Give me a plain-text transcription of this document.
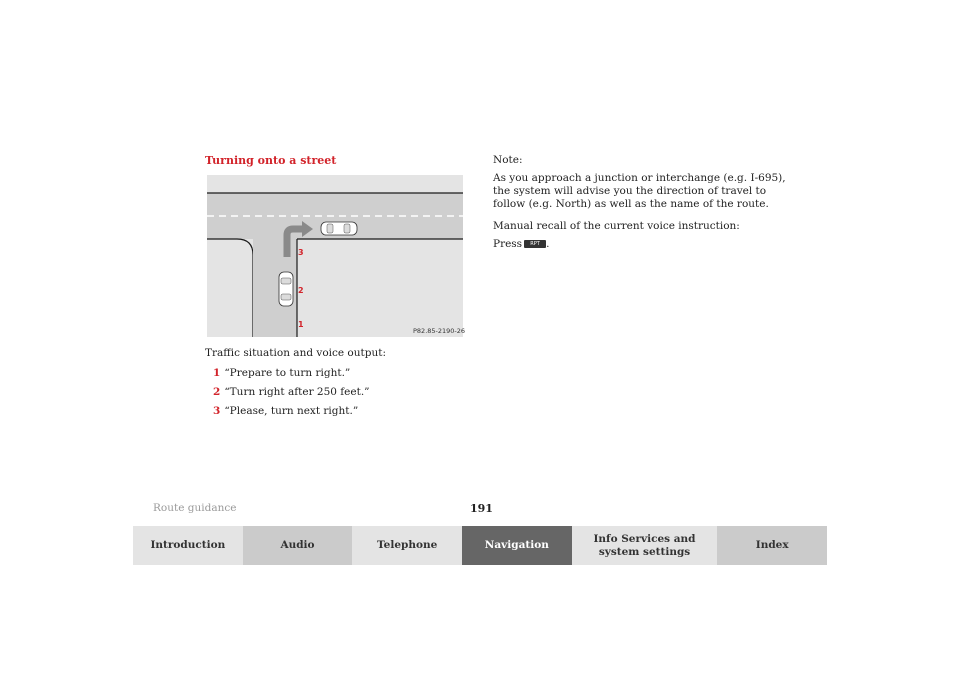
Turning onto a street
3
2
1
P82.85-2190-26
Traffic situation and voice output:
1 “Prepare to turn right.”
2 “Turn right after 250 feet.”
3 “Please, turn next right.”
Note:
As you approach a junction or interchange (e.g. I-695),
the system will advise you the direction of travel to
follow (e.g. North) as well as the name of the route.
Manual recall of the current voice instruction:
Press RPT .
Route guidance	191
Introduction	Audio	Telephone	Navigation
Info Services and system settings
Index
